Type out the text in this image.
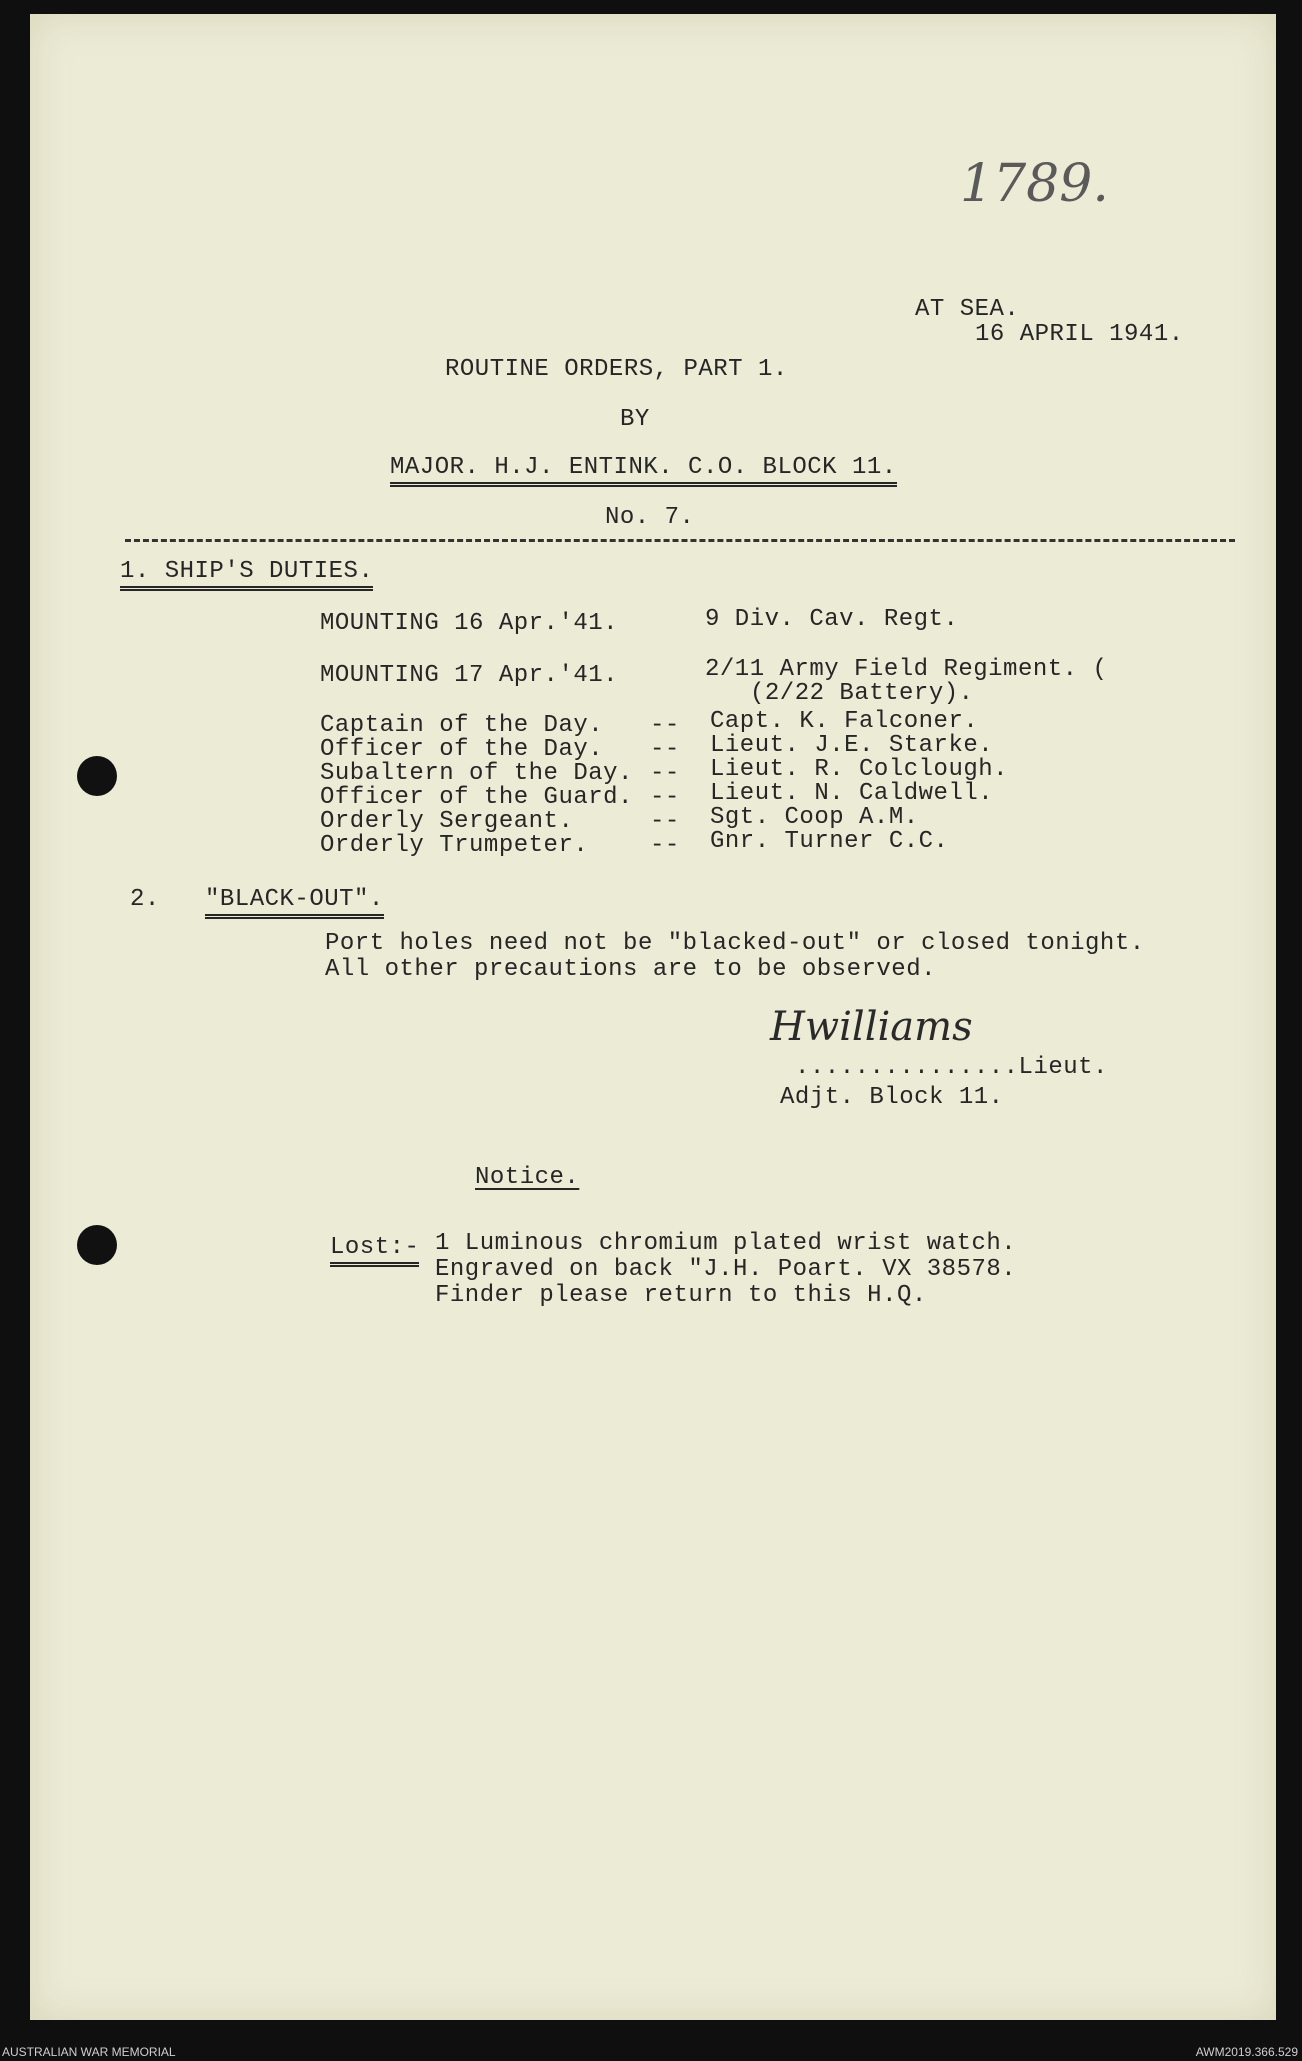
1789.
AT SEA.
16 APRIL 1941.
ROUTINE ORDERS, PART 1.
BY
MAJOR. H.J. ENTINK. C.O. BLOCK 11.
No. 7.
1. SHIP'S DUTIES.
MOUNTING 16 Apr.'41.	9 Div. Cav. Regt.
MOUNTING 17 Apr.'41.	2/11 Army Field Regiment. (
(2/22 Battery).
Captain of the Day. -- Capt. K. Falconer.
Officer of the Day. -- Lieut. J.E. Starke.
Subaltern of the Day. -- Lieut. R. Colclough.
Officer of the Guard. -- Lieut. N. Caldwell.
Orderly Sergeant.	-- Sgt. Coop A.M.
Orderly Trumpeter.	-- Gnr. Turner C.C.
2. "BLACK-OUT".
Port holes need not be "blacked-out" or closed tonight.
All other precautions are to be observed.
Hwilliams
...............Lieut.
Adjt. Block 11.
Notice.
Lost:- 1 Luminous chromium plated wrist watch.
Engraved on back "J.H. Poart. VX 38578.
Finder please return to this H.Q.
AUSTRALIAN WAR MEMORIAL	AWM2019.366.529
